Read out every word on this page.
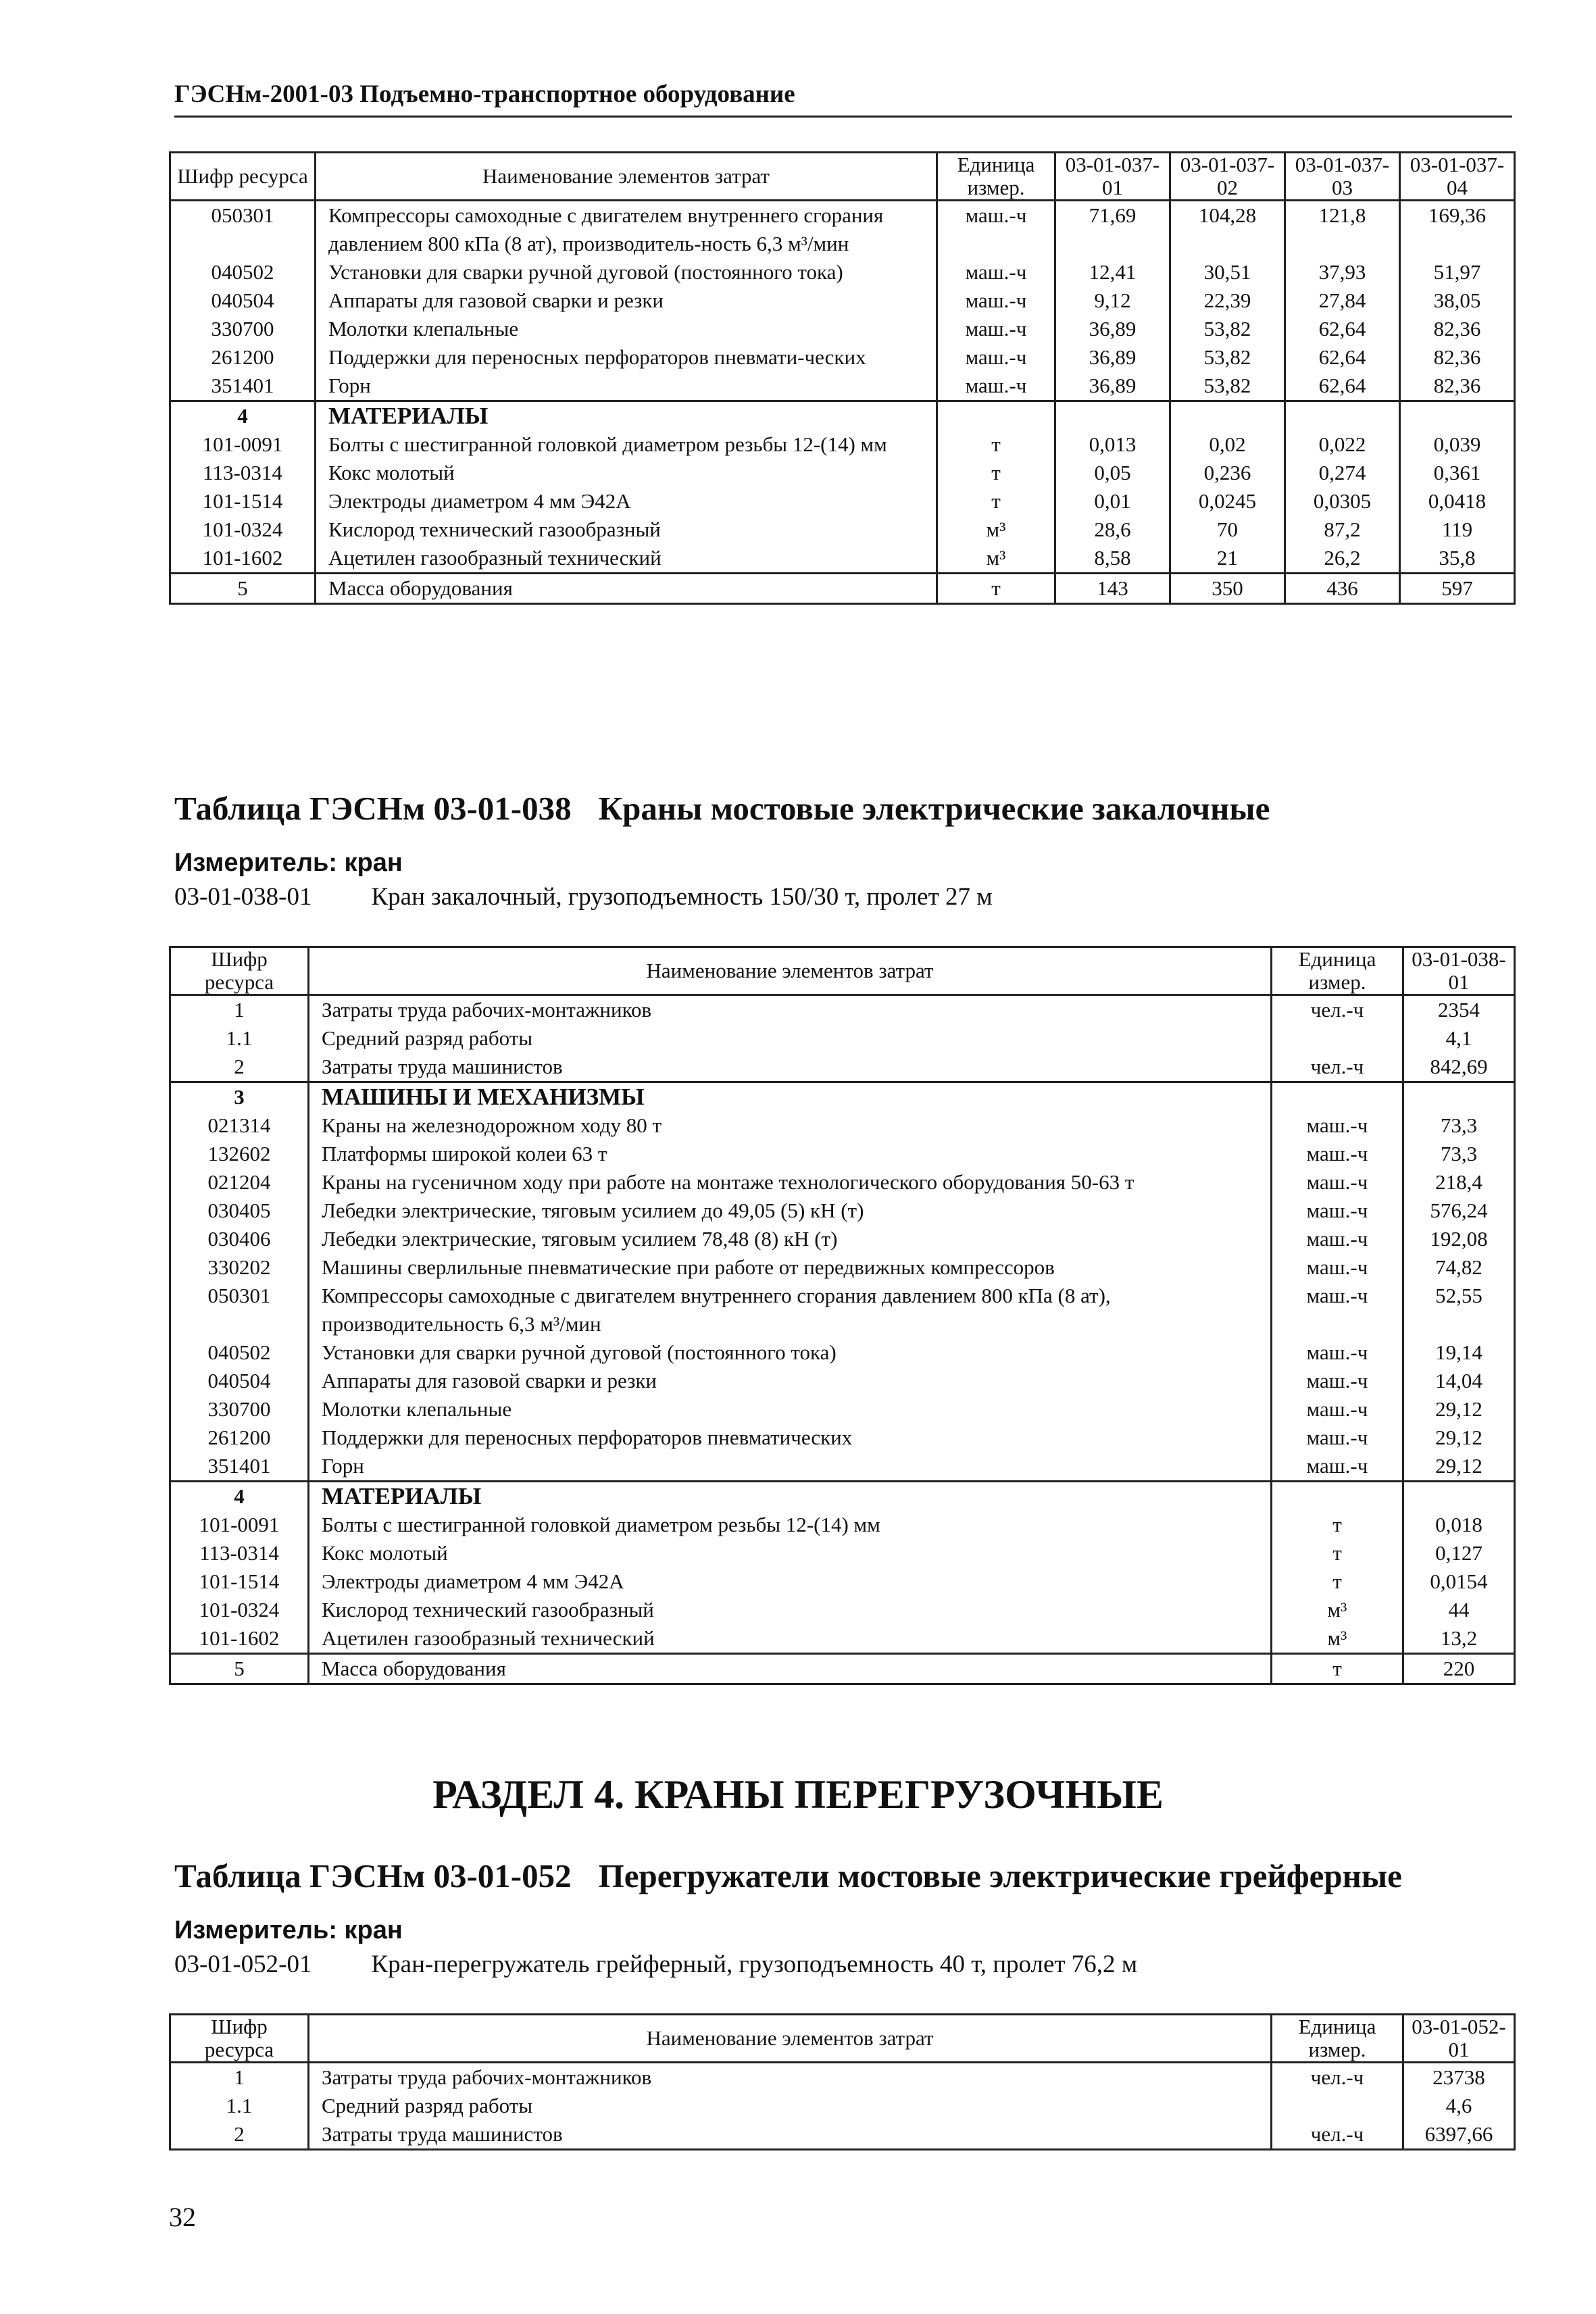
ГЭСНм-2001-03 Подъемно-транспортное оборудование
Шифр ресурса	Наименование элементов затрат	Единица измер.	03-01-037-01	03-01-037-02	03-01-037-03	03-01-037-04
050301	Компрессоры самоходные с двигателем внутреннего сгорания давлением 800 кПа (8 ат), производитель-ность 6,3 м³/мин	маш.-ч	71,69	104,28	121,8	169,36
040502	Установки для сварки ручной дуговой (постоянного тока)	маш.-ч	12,41	30,51	37,93	51,97
040504	Аппараты для газовой сварки и резки	маш.-ч	9,12	22,39	27,84	38,05
330700	Молотки клепальные	маш.-ч	36,89	53,82	62,64	82,36
261200	Поддержки для переносных перфораторов пневмати-ческих	маш.-ч	36,89	53,82	62,64	82,36
351401	Горн	маш.-ч	36,89	53,82	62,64	82,36
4	МАТЕРИАЛЫ					
101-0091	Болты с шестигранной головкой диаметром резьбы 12-(14) мм	т	0,013	0,02	0,022	0,039
113-0314	Кокс молотый	т	0,05	0,236	0,274	0,361
101-1514	Электроды диаметром 4 мм Э42А	т	0,01	0,0245	0,0305	0,0418
101-0324	Кислород технический газообразный	м³	28,6	70	87,2	119
101-1602	Ацетилен газообразный технический	м³	8,58	21	26,2	35,8
5	Масса оборудования	т	143	350	436	597
Таблица ГЭСНм 03-01-038 Краны мостовые электрические закалочные
Измеритель: кран
03-01-038-01 Кран закалочный, грузоподъемность 150/30 т, пролет 27 м
Шифр ресурса	Наименование элементов затрат	Единица измер.	03-01-038-01
1	Затраты труда рабочих-монтажников	чел.-ч	2354
1.1	Средний разряд работы		4,1
2	Затраты труда машинистов	чел.-ч	842,69
3	МАШИНЫ И МЕХАНИЗМЫ		
021314	Краны на железнодорожном ходу 80 т	маш.-ч	73,3
132602	Платформы широкой колеи 63 т	маш.-ч	73,3
021204	Краны на гусеничном ходу при работе на монтаже технологического оборудования 50-63 т	маш.-ч	218,4
030405	Лебедки электрические, тяговым усилием до 49,05 (5) кН (т)	маш.-ч	576,24
030406	Лебедки электрические, тяговым усилием 78,48 (8) кН (т)	маш.-ч	192,08
330202	Машины сверлильные пневматические при работе от передвижных компрессоров	маш.-ч	74,82
050301	Компрессоры самоходные с двигателем внутреннего сгорания давлением 800 кПа (8 ат), производительность 6,3 м³/мин	маш.-ч	52,55
040502	Установки для сварки ручной дуговой (постоянного тока)	маш.-ч	19,14
040504	Аппараты для газовой сварки и резки	маш.-ч	14,04
330700	Молотки клепальные	маш.-ч	29,12
261200	Поддержки для переносных перфораторов пневматических	маш.-ч	29,12
351401	Горн	маш.-ч	29,12
4	МАТЕРИАЛЫ		
101-0091	Болты с шестигранной головкой диаметром резьбы 12-(14) мм	т	0,018
113-0314	Кокс молотый	т	0,127
101-1514	Электроды диаметром 4 мм Э42А	т	0,0154
101-0324	Кислород технический газообразный	м³	44
101-1602	Ацетилен газообразный технический	м³	13,2
5	Масса оборудования	т	220
РАЗДЕЛ 4. КРАНЫ ПЕРЕГРУЗОЧНЫЕ
Таблица ГЭСНм 03-01-052 Перегружатели мостовые электрические грейферные
Измеритель: кран
03-01-052-01 Кран-перегружатель грейферный, грузоподъемность 40 т, пролет 76,2 м
Шифр ресурса	Наименование элементов затрат	Единица измер.	03-01-052-01
1	Затраты труда рабочих-монтажников	чел.-ч	23738
1.1	Средний разряд работы		4,6
2	Затраты труда машинистов	чел.-ч	6397,66
32
